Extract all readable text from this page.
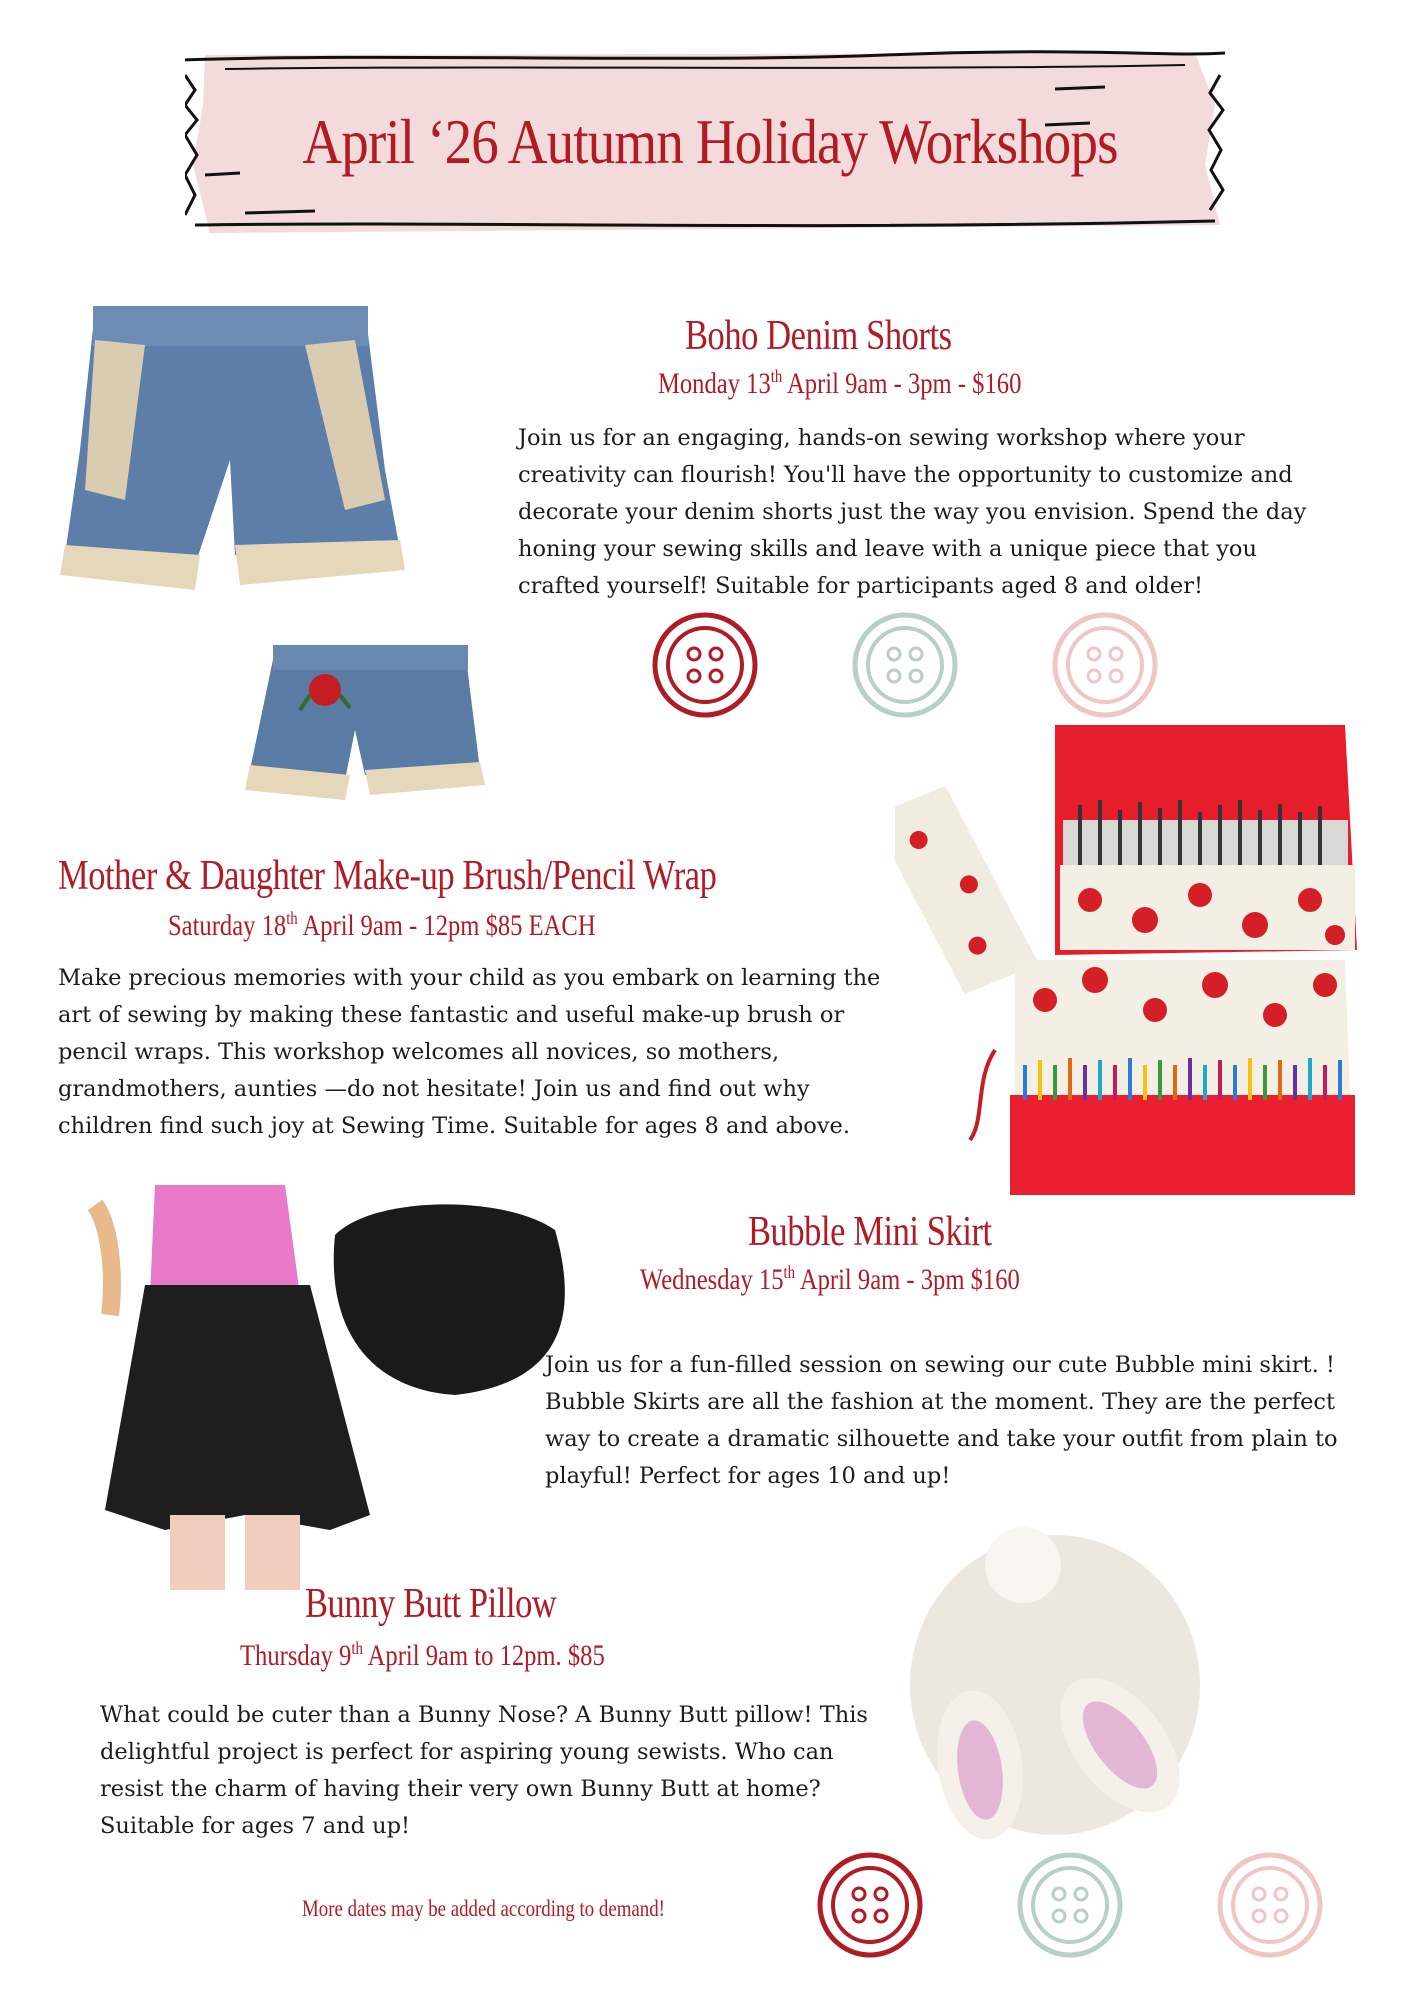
April ‘26 Autumn Holiday Workshops
Boho Denim Shorts
Monday 13th April 9am - 3pm - $160
Join us for an engaging, hands-on sewing workshop where your creativity can flourish! You'll have the opportunity to customize and decorate your denim shorts just the way you envision. Spend the day honing your sewing skills and leave with a unique piece that you crafted yourself! Suitable for participants aged 8 and older!
Mother & Daughter Make-up Brush/Pencil Wrap
Saturday 18th April 9am - 12pm $85 EACH
Make precious memories with your child as you embark on learning the art of sewing by making these fantastic and useful make-up brush or pencil wraps. This workshop welcomes all novices, so mothers, grandmothers, aunties —do not hesitate! Join us and find out why children find such joy at Sewing Time. Suitable for ages 8 and above.
Bubble Mini Skirt
Wednesday 15th April 9am - 3pm $160
Join us for a fun-filled session on sewing our cute Bubble mini skirt. ! Bubble Skirts are all the fashion at the moment. They are the perfect way to create a dramatic silhouette and take your outfit from plain to playful! Perfect for ages 10 and up!
Bunny Butt Pillow
Thursday 9th April 9am to 12pm. $85
What could be cuter than a Bunny Nose? A Bunny Butt pillow! This delightful project is perfect for aspiring young sewists. Who can resist the charm of having their very own Bunny Butt at home? Suitable for ages 7 and up!
More dates may be added according to demand!
